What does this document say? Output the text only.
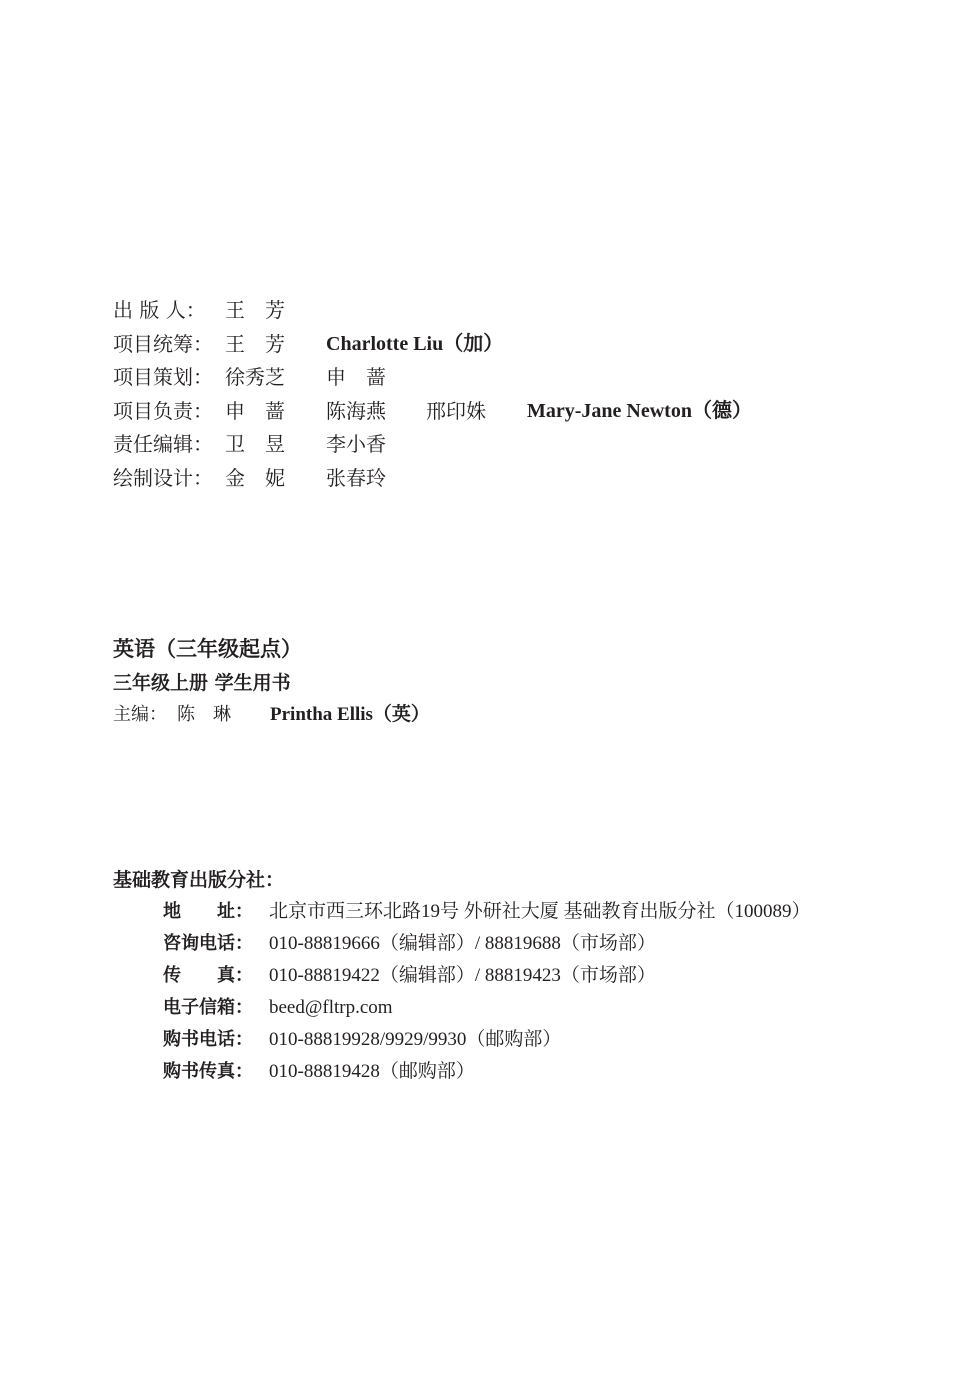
出 版 人： 王　芳
项目统筹： 王　芳 Charlotte Liu（加）
项目策划： 徐秀芝 申　蔷
项目负责： 申　蔷 陈海燕 邢印姝 Mary-Jane Newton（德）
责任编辑： 卫　昱 李小香
绘制设计： 金　妮 张春玲
英语（三年级起点）
三年级上册 学生用书
主编： 陈　琳 Printha Ellis（英）
基础教育出版分社：
地　　址： 北京市西三环北路19号 外研社大厦 基础教育出版分社（100089）
咨询电话： 010-88819666（编辑部）/ 88819688（市场部）
传　　真： 010-88819422（编辑部）/ 88819423（市场部）
电子信箱： beed@fltrp.com
购书电话： 010-88819928/9929/9930（邮购部）
购书传真： 010-88819428（邮购部）
